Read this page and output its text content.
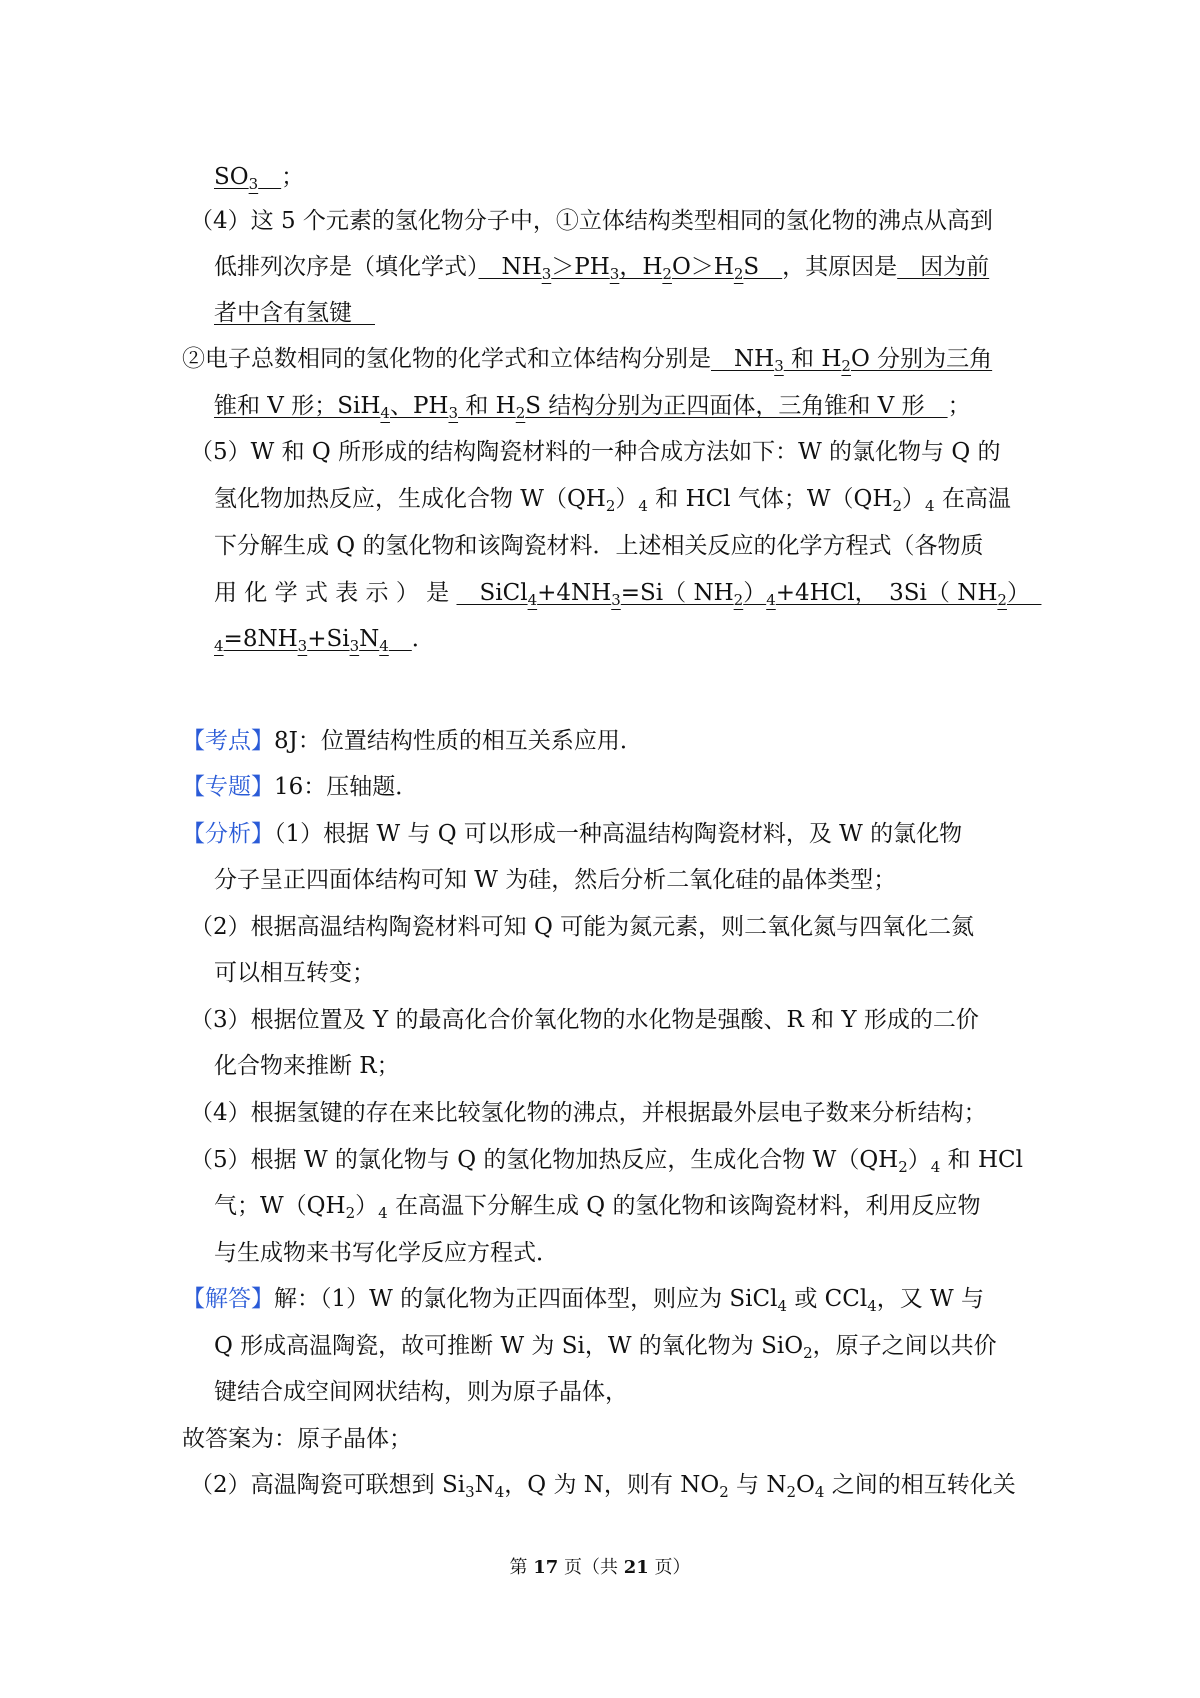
第 17 页（共 21 页）
$SO_3$　 ；
（4）这 5 个元素的氢化物分子中，①立体结构类型相同的氢化物的沸点从高到
低排列次序是（填化学式）　$NH_3>PH_3$，$H_2O>H_2S$　，其原因是　因为前
者中含有氢键　
②电子总数相同的氢化物的化学式和立体结构分别是　$NH_3$ 和 $H_2O$ 分别为三角
锥和 V 形；SiH$_4$、$PH_3$ 和 $H_2S$ 结构分别为正四面体，三角锥和 V 形　；
（5）W 和 Q 所形成的结构陶瓷材料的一种合成方法如下：W 的氯化物与 Q 的
氢化物加热反应，生成化合物 $W(QH_2)_4$ 和 HCl 气体；$W(QH_2)_4$ 在高温
下分解生成 Q 的氢化物和该陶瓷材料．上述相关反应的化学方程式（各物质
用 化 学 式 表 示 ） 是 　$SiCl_4+4NH_3=Si$（ $NH_2)_4+4HCl$，　3Si（ $NH_2$）　
$_4=8NH_3+Si_3N_4$　 ．
【考点】8J：位置结构性质的相互关系应用．
【专题】16：压轴题．
【分析】（1）根据 W 与 Q 可以形成一种高温结构陶瓷材料，及 W 的氯化物
分子呈正四面体结构可知 W 为硅，然后分析二氧化硅的晶体类型；
（2）根据高温结构陶瓷材料可知 Q 可能为氮元素，则二氧化氮与四氧化二氮
可以相互转变；
（3）根据位置及 Y 的最高化合价氧化物的水化物是强酸、R 和 Y 形成的二价
化合物来推断 R；
（4）根据氢键的存在来比较氢化物的沸点，并根据最外层电子数来分析结构；
（5）根据 W 的氯化物与 Q 的氢化物加热反应，生成化合物 $W(QH_2)_4$ 和 HCl
气；$W(QH_2)_4$ 在高温下分解生成 Q 的氢化物和该陶瓷材料，利用反应物
与生成物来书写化学反应方程式．
【解答】解：（1）W 的氯化物为正四面体型，则应为 SiCl$_4$ 或 CCl$_4$，又 W 与
Q 形成高温陶瓷，故可推断 W 为 Si，W 的氧化物为 SiO$_2$，原子之间以共价
键结合成空间网状结构，则为原子晶体，
故答案为：原子晶体；
（2）高温陶瓷可联想到 $Si_3N_4$，Q 为 N，则有 $NO_2$ 与 $N_2O_4$ 之间的相互转化关
